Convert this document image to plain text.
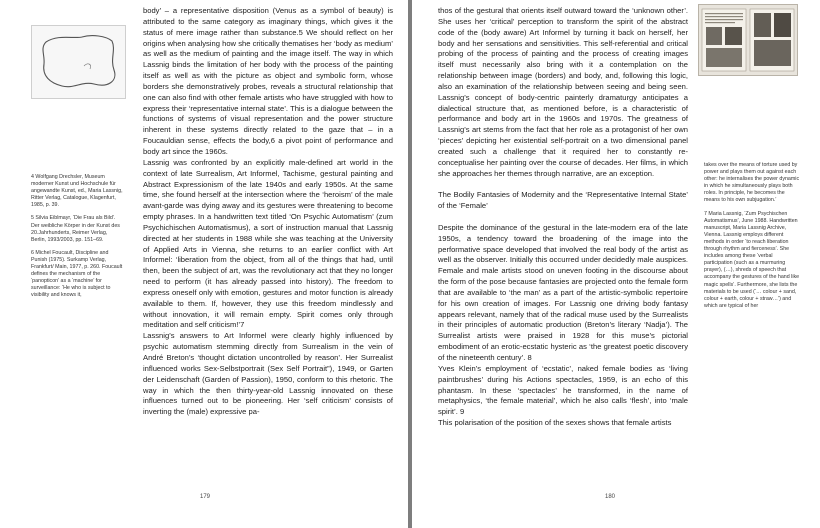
4 Wolfgang Drechsler, Museum moderner Kunst und Hochschule für angewandte Kunst, ed., Maria Lassnig, Ritter Verlag, Catalogue, Klagenfurt, 1985, p. 39.

5 Silvia Eiblmayr, ‘Die Frau als Bild’. Der weibliche Körper in der Kunst des 20.Jahrhunderts, Reimer Verlag, Berlin, 1993/2003, pp. 151–69.

6 Michel Foucault, Discipline and Punish (1975). Surkamp Verlag, Frankfurt/ Main, 1977, p. 260. Foucault defines the mechanism of the ‘panopticon’ as a ‘machine’ for surveillance: ‘He who is subject to visibility and knows it,

body’ – a representative disposition (Venus as a symbol of beauty) is attributed to the same category as imaginary things, which gives it the status of mere image rather than substance.5 We should reflect on her origins when analysing how she critically thematises her ‘body as medium’ as well as the medium of painting and the image itself. The way in which Lassnig binds the limitation of her body with the process of the painting itself as well as with the picture as object and symbolic form, whose borders she demonstratively probes, reveals a structural relationship that one can also find with other female artists who have struggled with how to express their ‘representative internal state’. This is a dialogue between the functions of systems of visual representation and the power structure inherent in these systems directly related to the gaze that – in a Foucauldian sense, effects the body,6 a pivot point of performance and body art since the 1960s.

Lassnig was confronted by an explicitly male-defined art world in the context of late Surrealism, Art Informel, Tachisme, gestural painting and Abstract Expressionism of the late 1940s and early 1950s. At the same time, she found herself at the intersection where the ‘heroism’ of the male avant-garde was dying away and its gestures were threatening to become empty phrases. In a handwritten text titled ‘On Psychic Automatism’ (zum Psychichischen Automatismus), a sort of instruction manual that Lassnig directed at her students in 1988 while she was teaching at the University of Applied Arts in Vienna, she returns to an earlier conflict with Art Informel: ‘liberation from the object, from all of the things that had, until then, been the subject of art, was the revolutionary act that they no longer need to perform (it has already passed into history). The freedom to express oneself only with emotion, gestures and motor function is already available to them. If, however, they use this freedom mindlessly and without innovation, it will remain empty. Spirit comes only through meditation and self criticism!’7

Lassnig’s answers to Art Informel were clearly highly influenced by psychic automatism stemming directly from Surrealism in the vein of André Breton’s ‘thought dictation uncontrolled by reason’. Her Surrealist influenced works Sex-Selbstportrait (Sex Self Portrait”), 1949, or Garten der Leidenschaft (Garden of Passion), 1950, conform to this rhetoric. The way in which the then thirty-year-old Lassnig innovated on these influences turned out to be pioneering. Her ‘self criticism’ consists of inverting the (male) expressive pa-

179

thos of the gestural that orients itself outward toward the ‘unknown other’. She uses her ‘critical’ perception to transform the spirit of the abstract code of the (body aware) Art Informel by turning it back on herself, her body and her sensations and sensitivities. This self-referential and critical probing of the process of painting and the process of creating images itself must necessarily also bring with it a contemplation on the relationship between image (borders) and body, and, following this logic, also an examination of the relationship between seeing and being seen. Lassnig’s concept of body-centric painterly dramaturgy anticipates a dialectical structure that, as mentioned before, is a characteristic of performance and body art in the 1960s and 1970s. The greatness of Lassnig’s art stems from the fact that her role as a protagonist of her own ‘pieces’ depicting her existential self-portrait on a two dimensional panel created such a challenge that it required her to constantly re-conceptualise her painting over the course of decades. Her films, in which she approaches her themes through narrative, are an exception.

The Bodily Fantasies of Modernity and the ‘Representative Internal State’ of the ‘Female’

Despite the dominance of the gestural in the late-modern era of the late 1950s, a tendency toward the broadening of the image into the performative space developed that involved the real body of the artist as well as the observer. Initially this occurred under decidedly male auspices. Female and male artists stood on uneven footing in the discourse about the form of the pose because fantasies are projected onto the female form that are available to ‘the man’ as a part of the artistic-symbolic repertoire for his own creation of images. For Lassnig one driving body fantasy appears relevant, namely that of the radical muse used by the Surrealists in their principles of automatic production (Breton’s literary ‘Nadja’). The Surrealist artists were praised in 1928 for this muse’s pictorial embodiment of an erotic-ecstatic hysteric as ‘the greatest poetic discovery of the nineteenth century’. 8

Yves Klein’s employment of ‘ecstatic’, naked female bodies as ‘living paintbrushes’ during his Actions spectacles, 1959, is an echo of this phantasm. In these ‘spectacles’ he transformed, in the name of metaphysics, ‘the female material’, which he also calls ‘flesh’, into ‘male spirit’. 9

This polarisation of the position of the sexes shows that female artists

takes over the means of torture used by power and plays them out against each other: he internalises the power dynamic in which he simultaneously plays both roles. In principle, he becomes the means to his own subjugation.’

7 Maria Lassnig, ‘Zum Psychischen Automatismus’, June 1988. Handwritten manuscript, Maria Lassnig Archive, Vienna. Lassnig employs different methods in order ‘to reach liberation through rhythm and fierceness’. She includes among these ‘verbal participation (such as a murmuring prayer), (…), shreds of speech that accompany the gestures of the hand like magic spells’. Furthermore, she lists the materials to be used (‘… colour + sand, colour + earth, colour + straw…’) and which are typical of her

180
